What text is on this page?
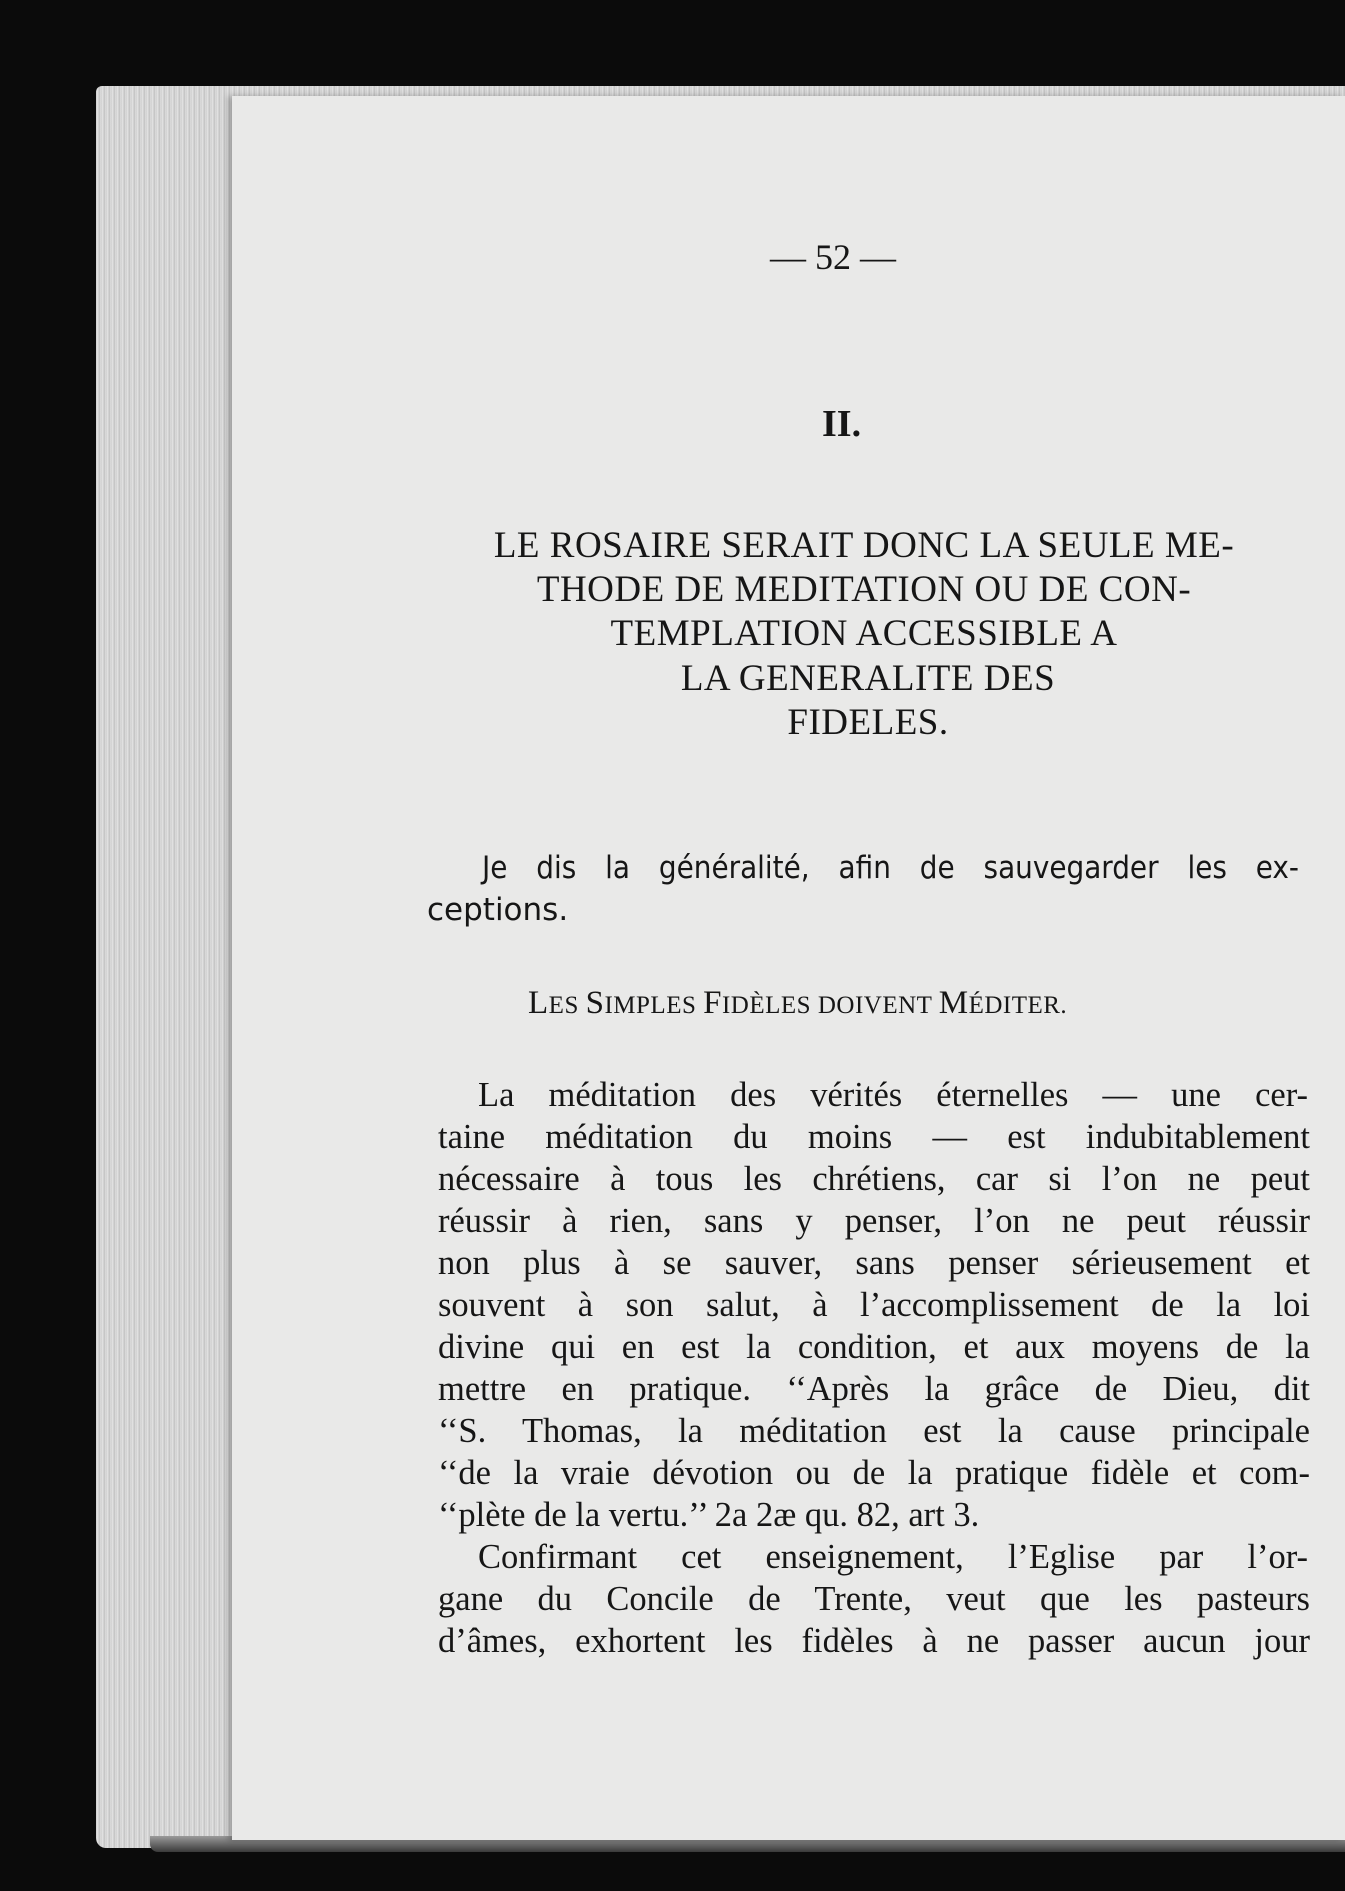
— 52 —
II.
LE ROSAIRE SERAIT DONC LA SEULE ME-
THODE DE MEDITATION OU DE CON-
TEMPLATION ACCESSIBLE A
LA GENERALITE DES
FIDELES.
Je dis la généralité, afin de sauvegarder les ex-
ceptions.
LES SIMPLES FIDÈLES DOIVENT MÉDITER.
La méditation des vérités éternelles — une cer-
taine méditation du moins — est indubitablement
nécessaire à tous les chrétiens, car si l’on ne peut
réussir à rien, sans y penser, l’on ne peut réussir
non plus à se sauver, sans penser sérieusement et
souvent à son salut, à l’accomplissement de la loi
divine qui en est la condition, et aux moyens de la
mettre en pratique. ‘‘Après la grâce de Dieu, dit
‘‘S. Thomas, la méditation est la cause principale
‘‘de la vraie dévotion ou de la pratique fidèle et com-
‘‘plète de la vertu.’’ 2a 2æ qu. 82, art 3.
Confirmant cet enseignement, l’Eglise par l’or-
gane du Concile de Trente, veut que les pasteurs
d’âmes, exhortent les fidèles à ne passer aucun jour
